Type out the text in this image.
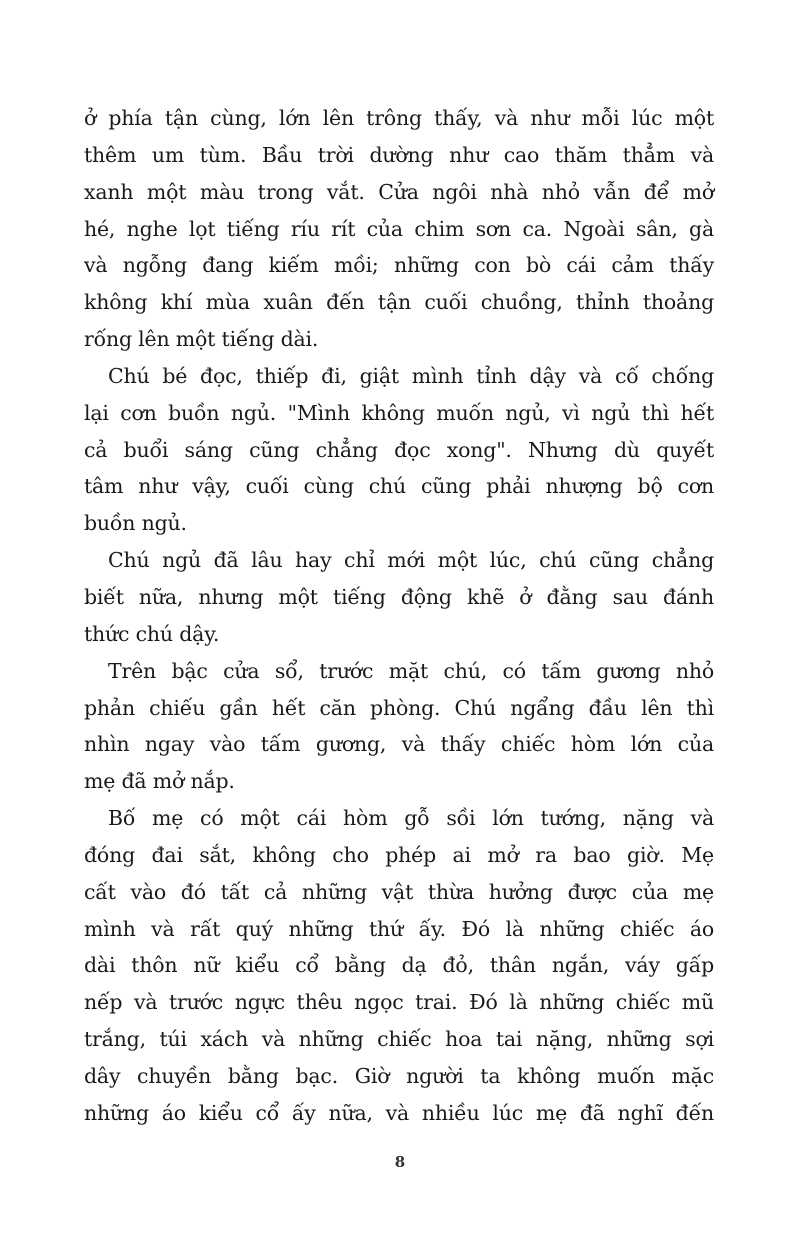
ở phía tận cùng, lớn lên trông thấy, và như mỗi lúc một
thêm um tùm. Bầu trời dường như cao thăm thẳm và
xanh một màu trong vắt. Cửa ngôi nhà nhỏ vẫn để mở
hé, nghe lọt tiếng ríu rít của chim sơn ca. Ngoài sân, gà
và ngỗng đang kiếm mồi; những con bò cái cảm thấy
không khí mùa xuân đến tận cuối chuồng, thỉnh thoảng
rống lên một tiếng dài.
Chú bé đọc, thiếp đi, giật mình tỉnh dậy và cố chống
lại cơn buồn ngủ. "Mình không muốn ngủ, vì ngủ thì hết
cả buổi sáng cũng chẳng đọc xong". Nhưng dù quyết
tâm như vậy, cuối cùng chú cũng phải nhượng bộ cơn
buồn ngủ.
Chú ngủ đã lâu hay chỉ mới một lúc, chú cũng chẳng
biết nữa, nhưng một tiếng động khẽ ở đằng sau đánh
thức chú dậy.
Trên bậc cửa sổ, trước mặt chú, có tấm gương nhỏ
phản chiếu gần hết căn phòng. Chú ngẩng đầu lên thì
nhìn ngay vào tấm gương, và thấy chiếc hòm lớn của
mẹ đã mở nắp.
Bố mẹ có một cái hòm gỗ sồi lớn tướng, nặng và
đóng đai sắt, không cho phép ai mở ra bao giờ. Mẹ
cất vào đó tất cả những vật thừa hưởng được của mẹ
mình và rất quý những thứ ấy. Đó là những chiếc áo
dài thôn nữ kiểu cổ bằng dạ đỏ, thân ngắn, váy gấp
nếp và trước ngực thêu ngọc trai. Đó là những chiếc mũ
trắng, túi xách và những chiếc hoa tai nặng, những sợi
dây chuyền bằng bạc. Giờ người ta không muốn mặc
những áo kiểu cổ ấy nữa, và nhiều lúc mẹ đã nghĩ đến
8
